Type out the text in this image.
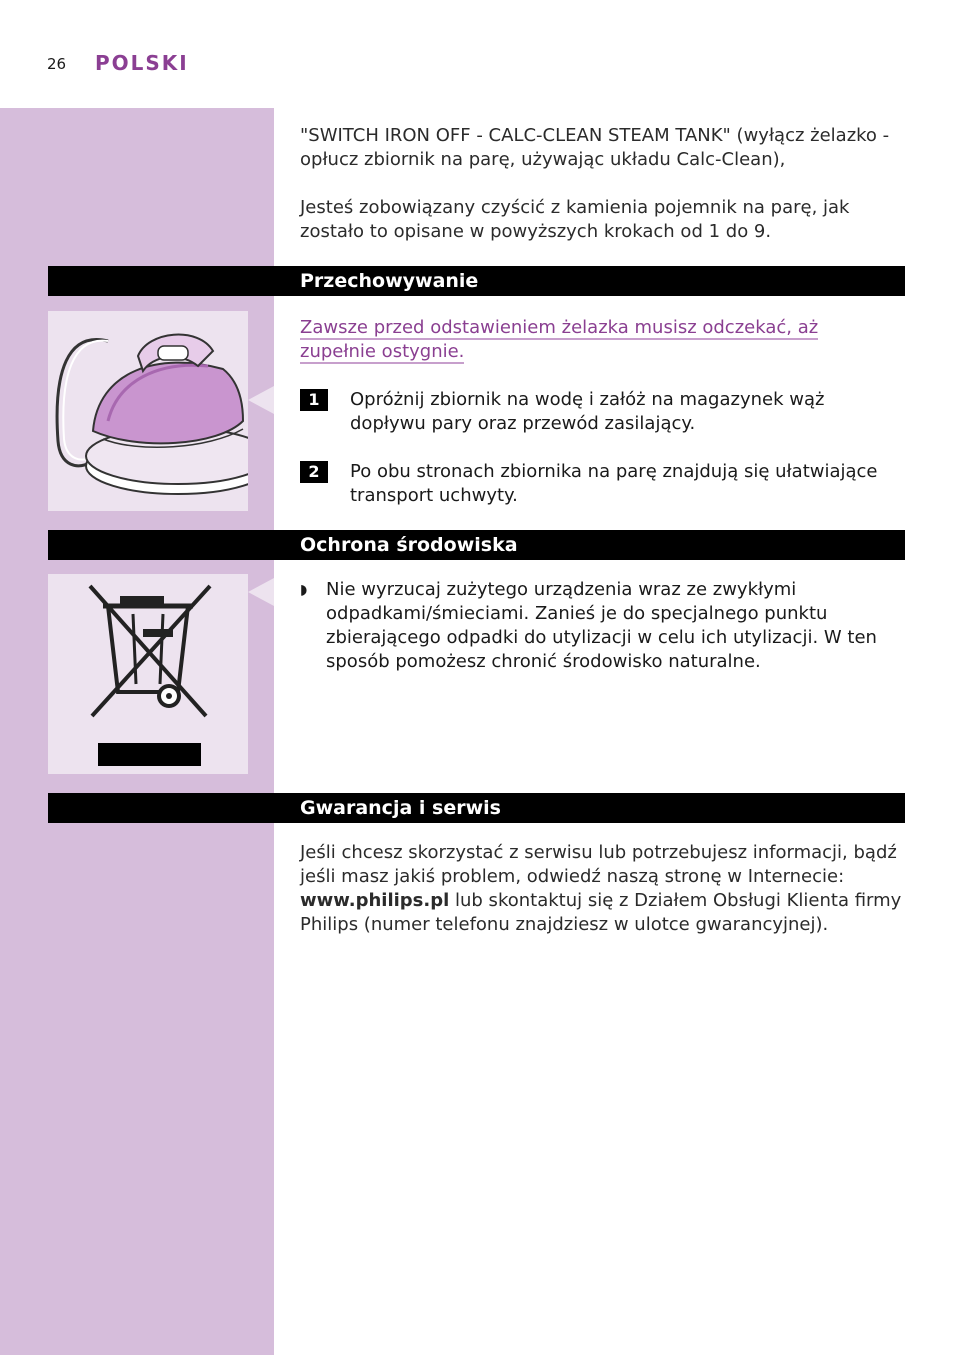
26 POLSKI
"SWITCH IRON OFF - CALC-CLEAN STEAM TANK" (wyłącz żelazko - opłucz zbiornik na parę, używając układu Calc-Clean),
Jesteś zobowiązany czyścić z kamienia pojemnik na parę, jak zostało to opisane w powyższych krokach od 1 do 9.
Przechowywanie
Zawsze przed odstawieniem żelazka musisz odczekać, aż zupełnie ostygnie.
1	Opróżnij zbiornik na wodę i załóż na magazynek wąż dopływu pary oraz przewód zasilający.
2	Po obu stronach zbiornika na parę znajdują się ułatwiające transport uchwyty.
Ochrona środowiska
◗ Nie wyrzucaj zużytego urządzenia wraz ze zwykłymi odpadkami/śmieciami. Zanieś je do specjalnego punktu zbierającego odpadki do utylizacji w celu ich utylizacji. W ten sposób pomożesz chronić środowisko naturalne.
Gwarancja i serwis
Jeśli chcesz skorzystać z serwisu lub potrzebujesz informacji, bądź jeśli masz jakiś problem, odwiedź naszą stronę w Internecie: www.philips.pl lub skontaktuj się z Działem Obsługi Klienta firmy Philips (numer telefonu znajdziesz w ulotce gwarancyjnej).
